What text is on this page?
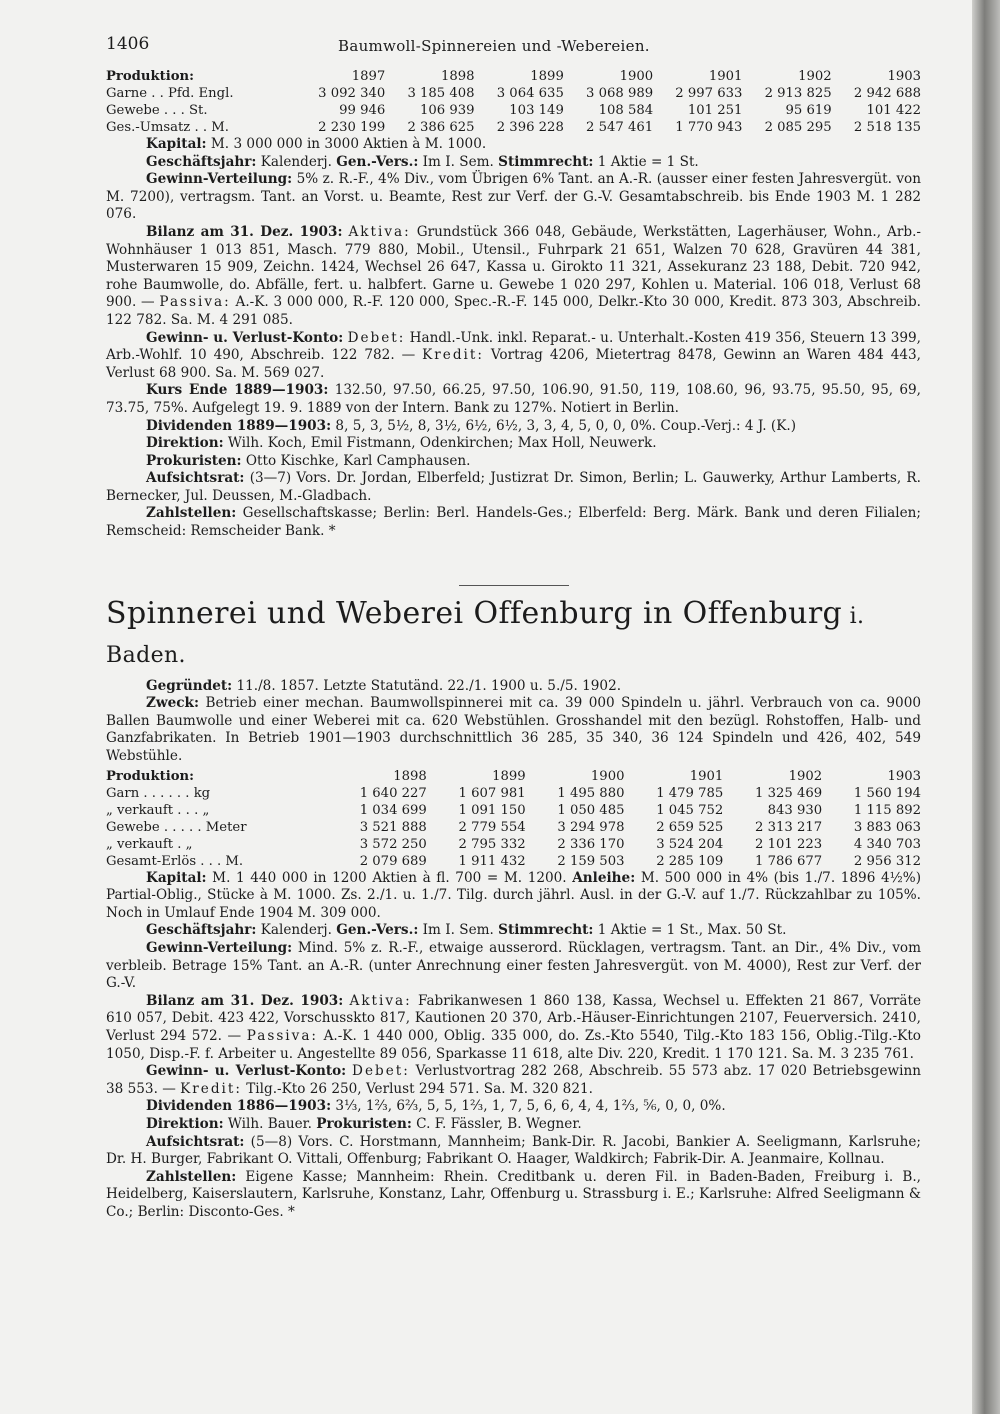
1406	Baumwoll-Spinnereien und -Webereien.
Produktion:	1897	1898	1899	1900	1901	1902	1903
Garne . . Pfd. Engl.	3 092 340	3 185 408	3 064 635	3 068 989	2 997 633	2 913 825	2 942 688
Gewebe . . . St.	99 946	106 939	103 149	108 584	101 251	95 619	101 422
Ges.-Umsatz . . M.	2 230 199	2 386 625	2 396 228	2 547 461	1 770 943	2 085 295	2 518 135

Kapital: M. 3 000 000 in 3000 Aktien à M. 1000.

Geschäftsjahr: Kalenderj. Gen.-Vers.: Im I. Sem. Stimmrecht: 1 Aktie = 1 St.

Gewinn-Verteilung: 5% z. R.-F., 4% Div., vom Übrigen 6% Tant. an A.-R. (ausser einer festen Jahresvergüt. von M. 7200), vertragsm. Tant. an Vorst. u. Beamte, Rest zur Verf. der G.-V. Gesamtabschreib. bis Ende 1903 M. 1 282 076.

Bilanz am 31. Dez. 1903: Aktiva: Grundstück 366 048, Gebäude, Werkstätten, Lagerhäuser, Wohn., Arb.-Wohnhäuser 1 013 851, Masch. 779 880, Mobil., Utensil., Fuhrpark 21 651, Walzen 70 628, Gravüren 44 381, Musterwaren 15 909, Zeichn. 1424, Wechsel 26 647, Kassa u. Girokto 11 321, Assekuranz 23 188, Debit. 720 942, rohe Baumwolle, do. Abfälle, fert. u. halbfert. Garne u. Gewebe 1 020 297, Kohlen u. Material. 106 018, Verlust 68 900. — Passiva: A.-K. 3 000 000, R.-F. 120 000, Spec.-R.-F. 145 000, Delkr.-Kto 30 000, Kredit. 873 303, Abschreib. 122 782. Sa. M. 4 291 085.

Gewinn- u. Verlust-Konto: Debet: Handl.-Unk. inkl. Reparat.- u. Unterhalt.-Kosten 419 356, Steuern 13 399, Arb.-Wohlf. 10 490, Abschreib. 122 782. — Kredit: Vortrag 4206, Mietertrag 8478, Gewinn an Waren 484 443, Verlust 68 900. Sa. M. 569 027.

Kurs Ende 1889—1903: 132.50, 97.50, 66.25, 97.50, 106.90, 91.50, 119, 108.60, 96, 93.75, 95.50, 95, 69, 73.75, 75%. Aufgelegt 19. 9. 1889 von der Intern. Bank zu 127%. Notiert in Berlin.

Dividenden 1889—1903: 8, 5, 3, 5½, 8, 3½, 6½, 6½, 3, 3, 4, 5, 0, 0, 0%. Coup.-Verj.: 4 J. (K.)

Direktion: Wilh. Koch, Emil Fistmann, Odenkirchen; Max Holl, Neuwerk.

Prokuristen: Otto Kischke, Karl Camphausen.

Aufsichtsrat: (3—7) Vors. Dr. Jordan, Elberfeld; Justizrat Dr. Simon, Berlin; L. Gauwerky, Arthur Lamberts, R. Bernecker, Jul. Deussen, M.-Gladbach.

Zahlstellen: Gesellschaftskasse; Berlin: Berl. Handels-Ges.; Elberfeld: Berg. Märk. Bank und deren Filialen; Remscheid: Remscheider Bank. *

Spinnerei und Weberei Offenburg in Offenburg i. Baden.

Gegründet: 11./8. 1857. Letzte Statutänd. 22./1. 1900 u. 5./5. 1902.

Zweck: Betrieb einer mechan. Baumwollspinnerei mit ca. 39 000 Spindeln u. jährl. Verbrauch von ca. 9000 Ballen Baumwolle und einer Weberei mit ca. 620 Webstühlen. Grosshandel mit den bezügl. Rohstoffen, Halb- und Ganzfabrikaten. In Betrieb 1901—1903 durchschnittlich 36 285, 35 340, 36 124 Spindeln und 426, 402, 549 Webstühle.

Produktion:	1898	1899	1900	1901	1902	1903
Garn . . . . . . kg	1 640 227	1 607 981	1 495 880	1 479 785	1 325 469	1 560 194
„ verkauft . . . „	1 034 699	1 091 150	1 050 485	1 045 752	843 930	1 115 892
Gewebe . . . . . Meter	3 521 888	2 779 554	3 294 978	2 659 525	2 313 217	3 883 063
„ verkauft . „	3 572 250	2 795 332	2 336 170	3 524 204	2 101 223	4 340 703
Gesamt-Erlös . . . M.	2 079 689	1 911 432	2 159 503	2 285 109	1 786 677	2 956 312

Kapital: M. 1 440 000 in 1200 Aktien à fl. 700 = M. 1200. Anleihe: M. 500 000 in 4% (bis 1./7. 1896 4½%) Partial-Oblig., Stücke à M. 1000. Zs. 2./1. u. 1./7. Tilg. durch jährl. Ausl. in der G.-V. auf 1./7. Rückzahlbar zu 105%. Noch in Umlauf Ende 1904 M. 309 000.

Geschäftsjahr: Kalenderj. Gen.-Vers.: Im I. Sem. Stimmrecht: 1 Aktie = 1 St., Max. 50 St.

Gewinn-Verteilung: Mind. 5% z. R.-F., etwaige ausserord. Rücklagen, vertragsm. Tant. an Dir., 4% Div., vom verbleib. Betrage 15% Tant. an A.-R. (unter Anrechnung einer festen Jahresvergüt. von M. 4000), Rest zur Verf. der G.-V.

Bilanz am 31. Dez. 1903: Aktiva: Fabrikanwesen 1 860 138, Kassa, Wechsel u. Effekten 21 867, Vorräte 610 057, Debit. 423 422, Vorschusskto 817, Kautionen 20 370, Arb.-Häuser-Einrichtungen 2107, Feuerversich. 2410, Verlust 294 572. — Passiva: A.-K. 1 440 000, Oblig. 335 000, do. Zs.-Kto 5540, Tilg.-Kto 183 156, Oblig.-Tilg.-Kto 1050, Disp.-F. f. Arbeiter u. Angestellte 89 056, Sparkasse 11 618, alte Div. 220, Kredit. 1 170 121. Sa. M. 3 235 761.

Gewinn- u. Verlust-Konto: Debet: Verlustvortrag 282 268, Abschreib. 55 573 abz. 17 020 Betriebsgewinn 38 553. — Kredit: Tilg.-Kto 26 250, Verlust 294 571. Sa. M. 320 821.

Dividenden 1886—1903: 3⅓, 1⅔, 6⅔, 5, 5, 1⅔, 1, 7, 5, 6, 6, 4, 4, 1⅔, ⅚, 0, 0, 0%.

Direktion: Wilh. Bauer. Prokuristen: C. F. Fässler, B. Wegner.

Aufsichtsrat: (5—8) Vors. C. Horstmann, Mannheim; Bank-Dir. R. Jacobi, Bankier A. Seeligmann, Karlsruhe; Dr. H. Burger, Fabrikant O. Vittali, Offenburg; Fabrikant O. Haager, Waldkirch; Fabrik-Dir. A. Jeanmaire, Kollnau.

Zahlstellen: Eigene Kasse; Mannheim: Rhein. Creditbank u. deren Fil. in Baden-Baden, Freiburg i. B., Heidelberg, Kaiserslautern, Karlsruhe, Konstanz, Lahr, Offenburg u. Strassburg i. E.; Karlsruhe: Alfred Seeligmann & Co.; Berlin: Disconto-Ges. *
